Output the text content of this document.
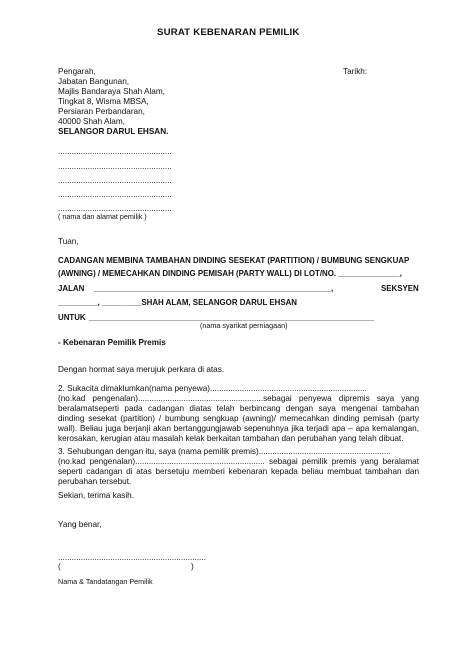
SURAT KEBENARAN PEMILIK
Pengarah,
Jabatan Bangunan,
Majlis Bandaraya Shah Alam,
Tingkat 8, Wisma MBSA,
Persiaran Perbandaran,
40000 Shah Alam,
SELANGOR DARUL EHSAN.
Tarikh:
..................................................
..................................................
..................................................
..................................................
..................................................
( nama dan alamat pemilik )
Tuan,
CADANGAN MEMBINA TAMBAHAN DINDING SESEKAT (PARTITION) / BUMBUNG SENGKUAP
(AWNING) / MEMECAHKAN DINDING PEMISAH (PARTY WALL) DI LOT/NO. ______________,
JALAN ______________________________________________________,	SEKSYEN
_________, _________SHAH ALAM, SELANGOR DARUL EHSAN
UNTUK _________________________________________________________________
(nama syarikat perniagaan)
- Kebenaran Pemilik Premis
Dengan hormat saya merujuk perkara di atas.
2. Sukacita dimaklumkan(nama penyewa).....................................................................
(no.kad pengenalan).......................................................sebagai penyewa dipremis saya yang beralamatseperti pada cadangan diatas telah berbincang dengan saya mengenai tambahan dinding sesekat (partition) / bumbung sengkuap (awning)/ memecahkan dinding pemisah (party wall). Beliau juga berjanji akan bertanggungjawab sepenuhnya jika terjadi apa – apa kemalangan, kerosakan, kerugian atau masalah kelak berkaitan tambahan dan perubahan yang telah dibuat.
3. Sehubungan dengan itu, saya (nama pemilik premis)..........................................................
(no.kad pengenalan)......................................................... sebagai pemilik premis yang beralamat seperti cadangan di atas bersetuju memberi kebenaran kepada beliau membuat tambahan dan perubahan tersebut.
Sekian, terima kasih.
Yang benar,
.................................................................
(	)
Nama & Tandatangan Pemilik
